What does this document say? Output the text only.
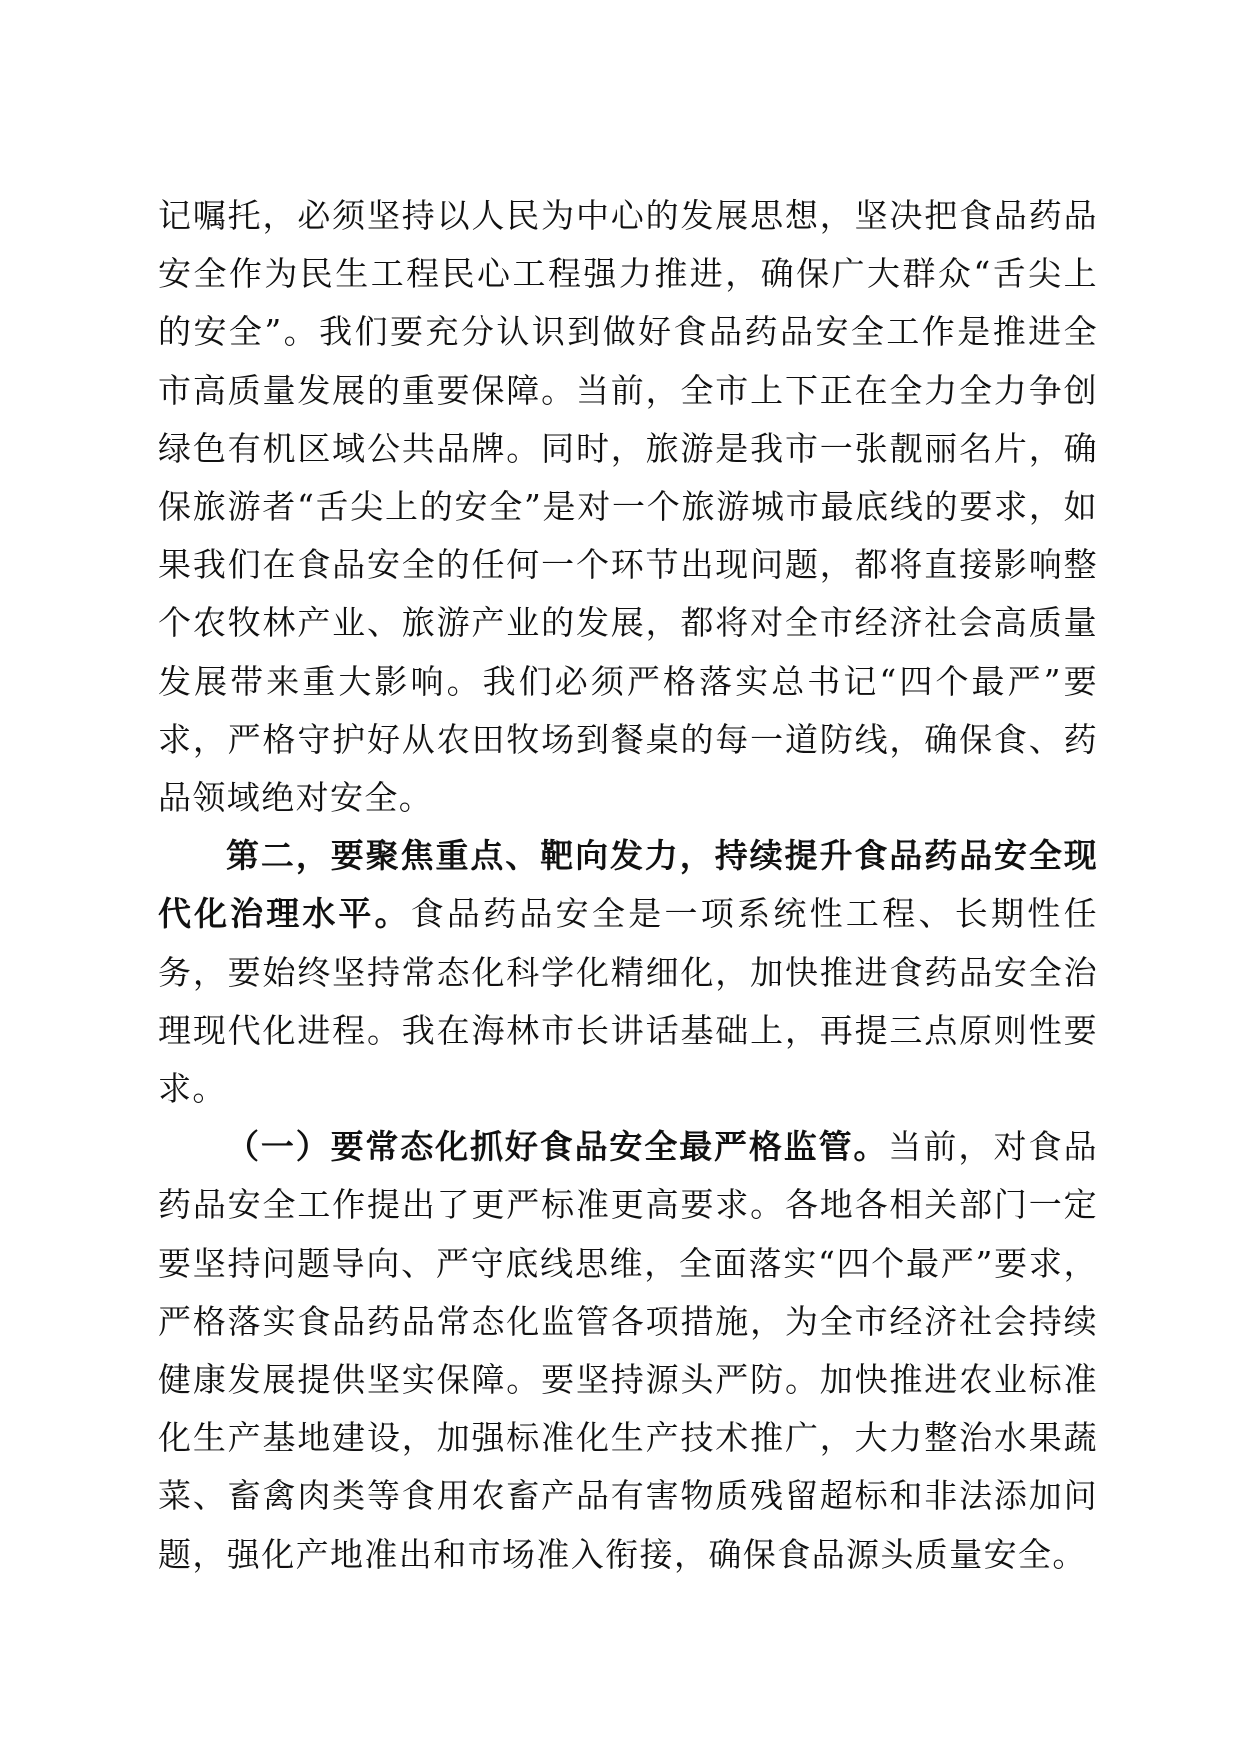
记嘱托，必须坚持以人民为中心的发展思想，坚决把食品药品安全作为民生工程民心工程强力推进，确保广大群众“舌尖上的安全”。我们要充分认识到做好食品药品安全工作是推进全市高质量发展的重要保障。当前，全市上下正在全力全力争创绿色有机区域公共品牌。同时，旅游是我市一张靓丽名片，确保旅游者“舌尖上的安全”是对一个旅游城市最底线的要求，如果我们在食品安全的任何一个环节出现问题，都将直接影响整个农牧林产业、旅游产业的发展，都将对全市经济社会高质量发展带来重大影响。我们必须严格落实总书记“四个最严”要求，严格守护好从农田牧场到餐桌的每一道防线，确保食、药品领域绝对安全。

第二，要聚焦重点、靶向发力，持续提升食品药品安全现代化治理水平。食品药品安全是一项系统性工程、长期性任务，要始终坚持常态化科学化精细化，加快推进食药品安全治理现代化进程。我在海林市长讲话基础上，再提三点原则性要求。

（一）要常态化抓好食品安全最严格监管。当前，对食品药品安全工作提出了更严标准更高要求。各地各相关部门一定要坚持问题导向、严守底线思维，全面落实“四个最严”要求，严格落实食品药品常态化监管各项措施，为全市经济社会持续健康发展提供坚实保障。要坚持源头严防。加快推进农业标准化生产基地建设，加强标准化生产技术推广，大力整治水果蔬菜、畜禽肉类等食用农畜产品有害物质残留超标和非法添加问题，强化产地准出和市场准入衔接，确保食品源头质量安全。
